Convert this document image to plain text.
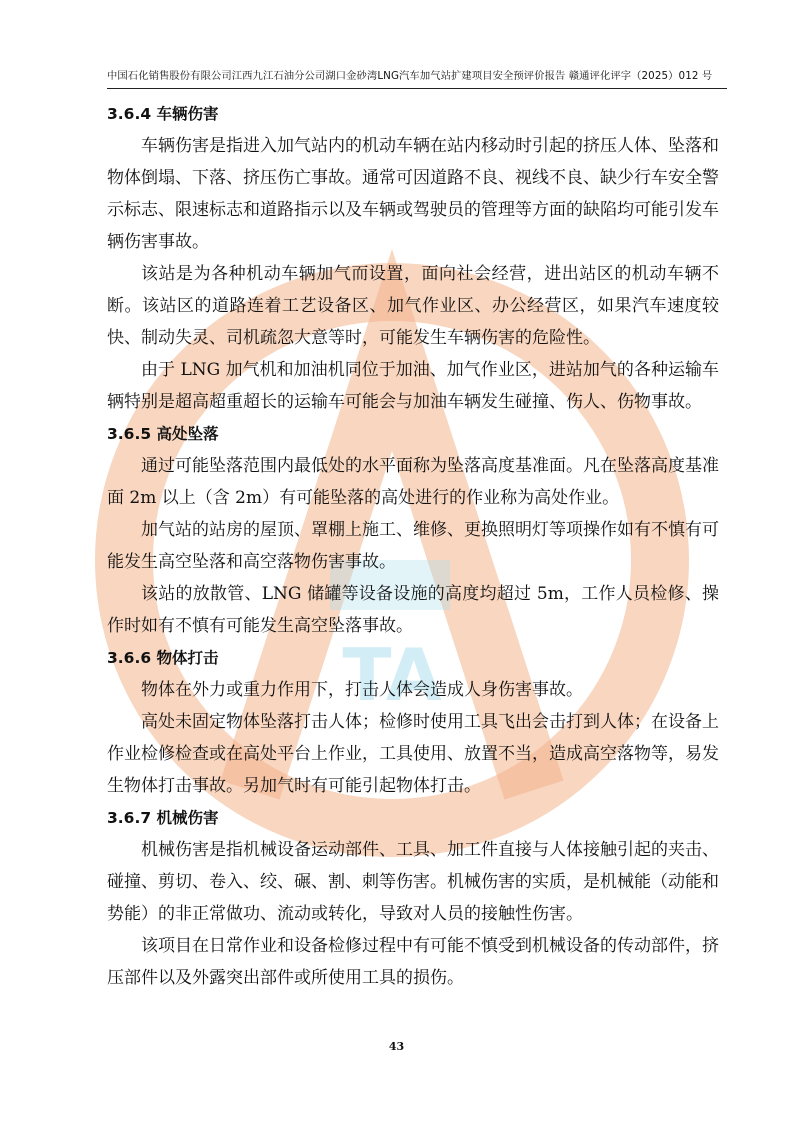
TA
中国石化销售股份有限公司江西九江石油分公司湖口金砂湾LNG汽车加气站扩建项目安全预评价报告 赣通评化评字（2025）012 号
3.6.4 车辆伤害

车辆伤害是指进入加气站内的机动车辆在站内移动时引起的挤压人体、坠落和物体倒塌、下落、挤压伤亡事故。通常可因道路不良、视线不良、缺少行车安全警示标志、限速标志和道路指示以及车辆或驾驶员的管理等方面的缺陷均可能引发车辆伤害事故。

该站是为各种机动车辆加气而设置，面向社会经营，进出站区的机动车辆不断。该站区的道路连着工艺设备区、加气作业区、办公经营区，如果汽车速度较快、制动失灵、司机疏忽大意等时，可能发生车辆伤害的危险性。

由于 LNG 加气机和加油机同位于加油、加气作业区，进站加气的各种运输车辆特别是超高超重超长的运输车可能会与加油车辆发生碰撞、伤人、伤物事故。

3.6.5 高处坠落

通过可能坠落范围内最低处的水平面称为坠落高度基准面。凡在坠落高度基准面 2m 以上（含 2m）有可能坠落的高处进行的作业称为高处作业。

加气站的站房的屋顶、罩棚上施工、维修、更换照明灯等项操作如有不慎有可能发生高空坠落和高空落物伤害事故。

该站的放散管、LNG 储罐等设备设施的高度均超过 5m，工作人员检修、操作时如有不慎有可能发生高空坠落事故。

3.6.6 物体打击

物体在外力或重力作用下，打击人体会造成人身伤害事故。

高处未固定物体坠落打击人体；检修时使用工具飞出会击打到人体；在设备上作业检修检查或在高处平台上作业，工具使用、放置不当，造成高空落物等，易发生物体打击事故。另加气时有可能引起物体打击。

3.6.7 机械伤害

机械伤害是指机械设备运动部件、工具、加工件直接与人体接触引起的夹击、碰撞、剪切、卷入、绞、碾、割、刺等伤害。机械伤害的实质，是机械能（动能和势能）的非正常做功、流动或转化，导致对人员的接触性伤害。

该项目在日常作业和设备检修过程中有可能不慎受到机械设备的传动部件，挤压部件以及外露突出部件或所使用工具的损伤。

43
